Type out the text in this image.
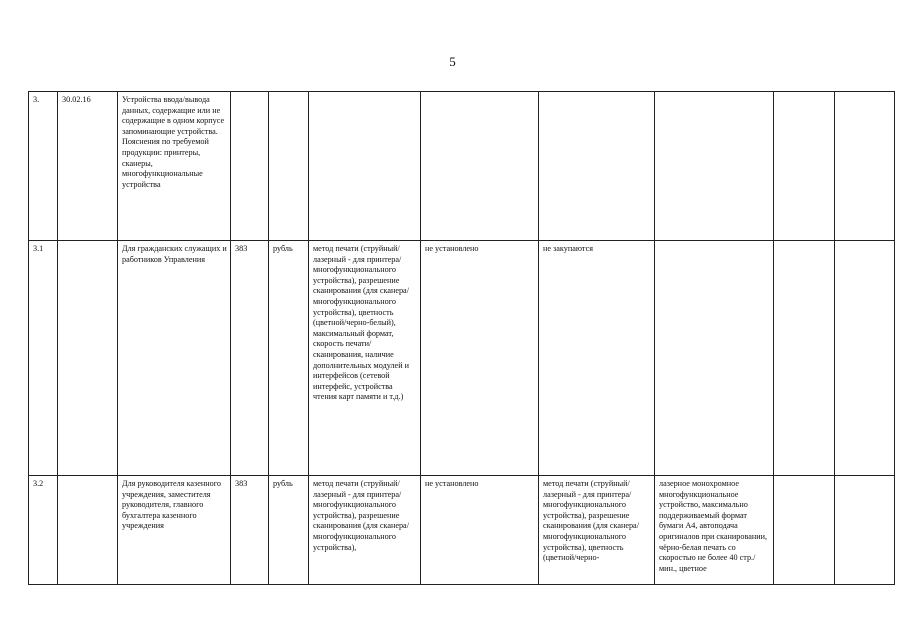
5
3.	30.02.16	Устройства ввода/вывода данных, содержащие или не содержащие в одном корпусе запоминающие устройства. Пояснения по требуемой продукции: принтеры, сканеры, многофункциональные устройства								
3.1		Для гражданских служащих и работников Управления	383	рубль	метод печати (струйный/лазерный - для принтера/многофункционального устройства), разрешение сканирования (для сканера/многофункционального устройства), цветность (цветной/черно-белый), максимальный формат, скорость печати/сканирования, наличие дополнительных модулей и интерфейсов (сетевой интерфейс, устройства чтения карт памяти и т.д.)	не установлено	не закупаются			
3.2		Для руководителя казенного учреждения, заместителя руководителя, главного бухгалтера казенного учреждения	383	рубль	метод печати (струйный/лазерный - для принтера/многофункционального устройства), разрешение сканирования (для сканера/многофункционального устройства),	не установлено	метод печати (струйный/лазерный - для принтера/многофункционального устройства), разрешение сканирования (для сканера/многофункционального устройства), цветность (цветной/черно-	лазерное монохромное многофункциональное устройство, максимально поддерживаемый формат бумаги А4, автоподача оригиналов при сканировании, чёрно-белая печать со скоростью не более 40 стр./мин., цветное		
